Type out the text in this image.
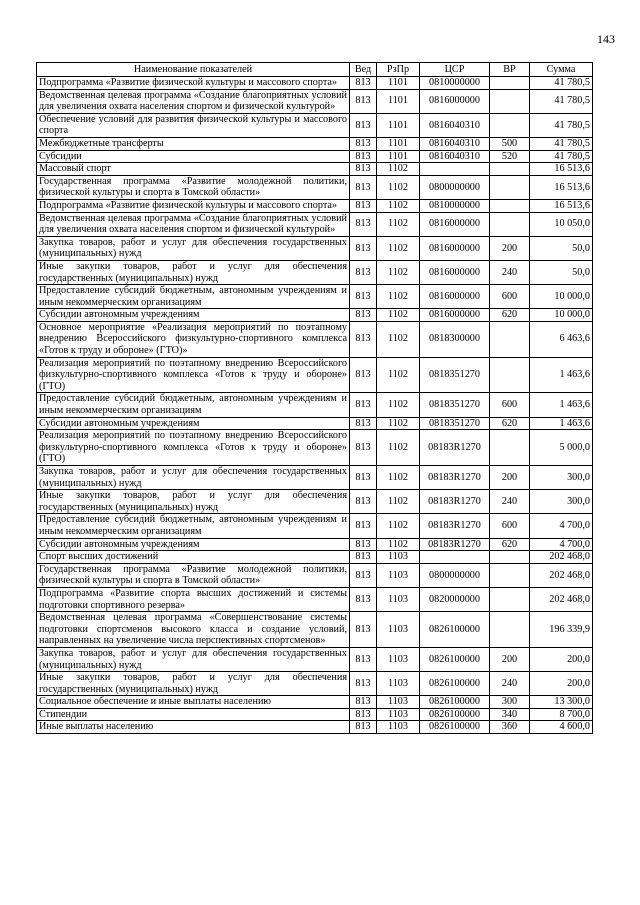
143
Наименование показателей	Вед	РзПр	ЦСР	ВР	Сумма
Подпрограмма «Развитие физической культуры и массового спорта»	813	1101	0810000000		41 780,5
Ведомственная целевая программа «Создание благоприятных условий для увеличения охвата населения спортом и физической культурой»	813	1101	0816000000		41 780,5
Обеспечение условий для развития физической культуры и массового спорта	813	1101	0816040310		41 780,5
Межбюджетные трансферты	813	1101	0816040310	500	41 780,5
Субсидии	813	1101	0816040310	520	41 780,5
Массовый спорт	813	1102			16 513,6
Государственная программа «Развитие молодежной политики, физической культуры и спорта в Томской области»	813	1102	0800000000		16 513,6
Подпрограмма «Развитие физической культуры и массового спорта»	813	1102	0810000000		16 513,6
Ведомственная целевая программа «Создание благоприятных условий для увеличения охвата населения спортом и физической культурой»	813	1102	0816000000		10 050,0
Закупка товаров, работ и услуг для обеспечения государственных (муниципальных) нужд	813	1102	0816000000	200	50,0
Иные закупки товаров, работ и услуг для обеспечения государственных (муниципальных) нужд	813	1102	0816000000	240	50,0
Предоставление субсидий бюджетным, автономным учреждениям и иным некоммерческим организациям	813	1102	0816000000	600	10 000,0
Субсидии автономным учреждениям	813	1102	0816000000	620	10 000,0
Основное мероприятие «Реализация мероприятий по поэтапному внедрению Всероссийского физкультурно-спортивного комплекса «Готов к труду и обороне» (ГТО)»	813	1102	0818300000		6 463,6
Реализация мероприятий по поэтапному внедрению Всероссийского физкультурно-спортивного комплекса «Готов к труду и обороне» (ГТО)	813	1102	0818351270		1 463,6
Предоставление субсидий бюджетным, автономным учреждениям и иным некоммерческим организациям	813	1102	0818351270	600	1 463,6
Субсидии автономным учреждениям	813	1102	0818351270	620	1 463,6
Реализация мероприятий по поэтапному внедрению Всероссийского физкультурно-спортивного комплекса «Готов к труду и обороне» (ГТО)	813	1102	08183R1270		5 000,0
Закупка товаров, работ и услуг для обеспечения государственных (муниципальных) нужд	813	1102	08183R1270	200	300,0
Иные закупки товаров, работ и услуг для обеспечения государственных (муниципальных) нужд	813	1102	08183R1270	240	300,0
Предоставление субсидий бюджетным, автономным учреждениям и иным некоммерческим организациям	813	1102	08183R1270	600	4 700,0
Субсидии автономным учреждениям	813	1102	08183R1270	620	4 700,0
Спорт высших достижений	813	1103			202 468,0
Государственная программа «Развитие молодежной политики, физической культуры и спорта в Томской области»	813	1103	0800000000		202 468,0
Подпрограмма «Развитие спорта высших достижений и системы подготовки спортивного резерва»	813	1103	0820000000		202 468,0
Ведомственная целевая программа «Совершенствование системы подготовки спортсменов высокого класса и создание условий, направленных на увеличение числа перспективных спортсменов»	813	1103	0826100000		196 339,9
Закупка товаров, работ и услуг для обеспечения государственных (муниципальных) нужд	813	1103	0826100000	200	200,0
Иные закупки товаров, работ и услуг для обеспечения государственных (муниципальных) нужд	813	1103	0826100000	240	200,0
Социальное обеспечение и иные выплаты населению	813	1103	0826100000	300	13 300,0
Стипендии	813	1103	0826100000	340	8 700,0
Иные выплаты населению	813	1103	0826100000	360	4 600,0
